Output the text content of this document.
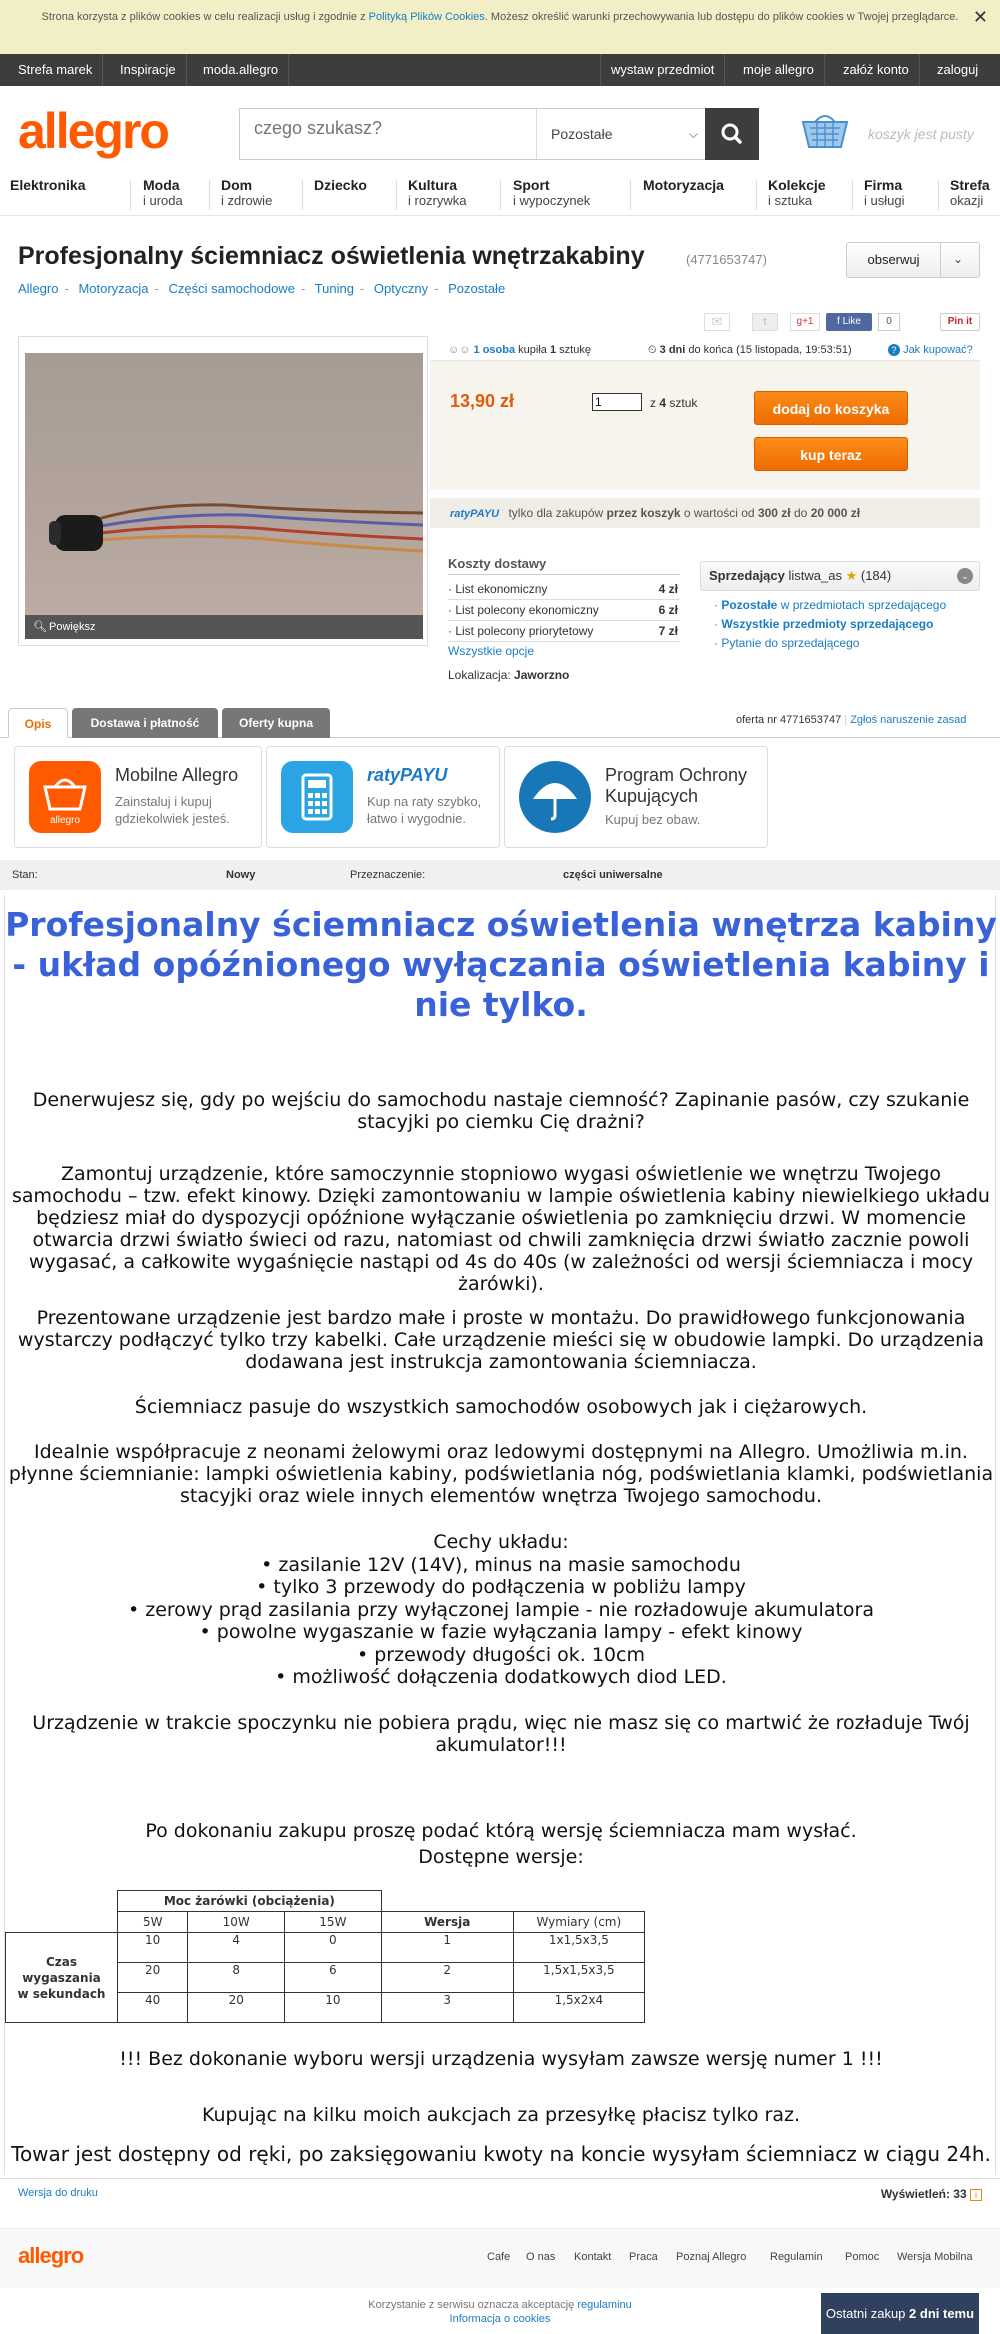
Strona korzysta z plików cookies w celu realizacji usług i zgodnie z Polityką Plików Cookies. Możesz określić warunki przechowywania lub dostępu do plików cookies w Twojej przeglądarce. ✕
Strefa marek	Inspiracje	moda.allegro	wystaw przedmiot	moje allegro	załóż konto	zaloguj
allegro
czego szukasz?	Pozostałe	⌵	koszyk jest pusty
Elektronika	Moda
i uroda
Dom
i zdrowie
Dziecko	Kultura
i rozrywka
Sport
i wypoczynek
Motoryzacja	Kolekcje
i sztuka
Firma
i usługi
Strefa
okazji
Profesjonalny ściemniacz oświetlenia wnętrzakabiny	(4771653747)	obserwuj	⌄
Allegro - Motoryzacja - Części samochodowe - Tuning - Optyczny - Pozostałe
✉	t	g+1	f Like	0	Pin it
🔍︎ Powiększ
☺☺ 1 osoba kupiła 1 sztukę	⏲ 3 dni do końca (15 listopada, 19:53:51)	? Jak kupować?
13,90 zł
1	z 4 sztuk	dodaj do koszyka
kup teraz
ratyPAYU tylko dla zakupów przez koszyk o wartości od 300 zł do 20 000 zł
Koszty dostawy
· List ekonomiczny	4 zł
· List polecony ekonomiczny	6 zł
· List polecony priorytetowy	7 zł
Wszystkie opcje
Lokalizacja: Jaworzno
Sprzedający listwa_as ★ (184)	⌄
· Pozostałe w przedmiotach sprzedającego
· Wszystkie przedmioty sprzedającego
· Pytanie do sprzedającego
Opis	Dostawa i płatność	Oferty kupna	oferta nr 4771653747 | Zgłoś naruszenie zasad
allegro
Mobilne Allegro
Zainstaluj i kupuj gdziekolwiek jesteś.
ratyPAYU
Kup na raty szybko, łatwo i wygodnie.
Program Ochrony Kupujących
Kupuj bez obaw.
Stan:	Nowy	Przeznaczenie:	części uniwersalne
Profesjonalny ściemniacz oświetlenia wnętrza kabiny - układ opóźnionego wyłączania oświetlenia kabiny i nie tylko.

Denerwujesz się, gdy po wejściu do samochodu nastaje ciemność? Zapinanie pasów, czy szukanie stacyjki po ciemku Cię drażni?

Zamontuj urządzenie, które samoczynnie stopniowo wygasi oświetlenie we wnętrzu Twojego samochodu – tzw. efekt kinowy. Dzięki zamontowaniu w lampie oświetlenia kabiny niewielkiego układu będziesz miał do dyspozycji opóźnione wyłączanie oświetlenia po zamknięciu drzwi. W momencie otwarcia drzwi światło świeci od razu, natomiast od chwili zamknięcia drzwi światło zacznie powoli wygasać, a całkowite wygaśnięcie nastąpi od 4s do 40s (w zależności od wersji ściemniacza i mocy żarówki).

Prezentowane urządzenie jest bardzo małe i proste w montażu. Do prawidłowego funkcjonowania wystarczy podłączyć tylko trzy kabelki. Całe urządzenie mieści się w obudowie lampki. Do urządzenia dodawana jest instrukcja zamontowania ściemniacza.

Ściemniacz pasuje do wszystkich samochodów osobowych jak i ciężarowych.

Idealnie współpracuje z neonami żelowymi oraz ledowymi dostępnymi na Allegro. Umożliwia m.in. płynne ściemnianie: lampki oświetlenia kabiny, podświetlania nóg, podświetlania klamki, podświetlania stacyjki oraz wiele innych elementów wnętrza Twojego samochodu.

Cechy układu:

• zasilanie 12V (14V), minus na masie samochodu

• tylko 3 przewody do podłączenia w pobliżu lampy

• zerowy prąd zasilania przy wyłączonej lampie - nie rozładowuje akumulatora

• powolne wygaszanie w fazie wyłączania lampy - efekt kinowy

• przewody długości ok. 10cm

• możliwość dołączenia dodatkowych diod LED.

Urządzenie w trakcie spoczynku nie pobiera prądu, więc nie masz się co martwić że rozładuje Twój akumulator!!!

Po dokonaniu zakupu proszę podać którą wersję ściemniacza mam wysłać.

Dostępne wersje:

	Moc żarówki (obciążenia)				
	5W	10W	15W	Wersja	Wymiary (cm)
Czas wygaszania w sekundach	10	4	0	1	1x1,5x3,5
	20	8	6	2	1,5x1,5x3,5
	40	20	10	3	1,5x2x4

!!! Bez dokonanie wyboru wersji urządzenia wysyłam zawsze wersję numer 1 !!!

Kupując na kilku moich aukcjach za przesyłkę płacisz tylko raz.

Towar jest dostępny od ręki, po zaksięgowaniu kwoty na koncie wysyłam ściemniacz w ciągu 24h.

Wersja do druku	Wyświetleń: 33 i
allegro	Cafe O nas Kontakt Praca Poznaj Allegro Regulamin Pomoc Wersja Mobilna
Korzystanie z serwisu oznacza akceptację regulaminu
Informacja o cookies	Ostatni zakup 2 dni temu
